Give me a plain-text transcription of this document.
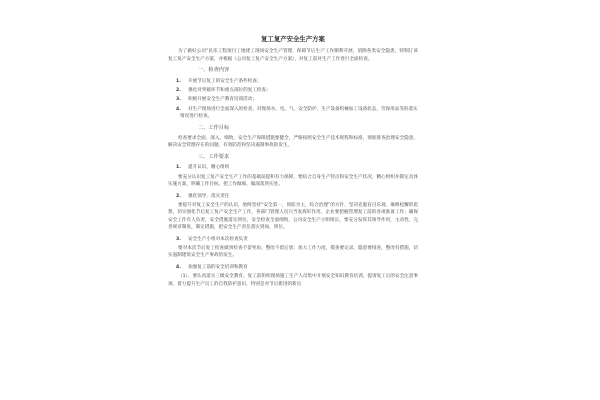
复工复产安全生产方案
为了做好公司“民乐工程项目工地建工现场安全生产管理，保障节后生产工作顺利开展，消除各类安全隐患，特制订该复工复产安全生产方案，并根据《公司复工复产安全生产方案》，对复工前对生产工作进行全面检查。
一、检查内容
1. 开展节后复工的安全生产条件检查；
2. 强化对突破环节和重点部位的复工检查；
3. 积极开展安全生产教育培训活动；
4. 对生产现场进行全面深入的检查，对现场水、电、气、安全防护、生产设备机械加工设备状态，劳保用品等的落实情况进行检查。
二、工作目标
检查要求全面、深入、细致，安全生产保障措施要健全，严格按照安全生产技术规程和标准，彻底排查治理安全隐患，解决安全管理存在的问题，有效防范和坚决遏制事故的发生。
三、工作要求
1. 提升认识，精心组织
要充分认识复工复产安全生产工作的基础前提和有力保障，要结合自身生产特点和安全生产状况，精心组织并制定具体实施方案，明确工作目标，把工作做细、做深落到实处。
2. 强化领导，落实责任
要提升对复工安全生产的认识，始终坚持“安全第一，预防为主，综合治理”的方针，坚决克服盲目乐观、麻痹松懈的思想，切实强化节后复工复产安全生产工作，各部门管理人员只当发挥好作用，企业要把握管理复工前的各项准备工作；确保安全工作有人负责，安全措施落实到位，安全检查全面细致，公司安全生产小组组长，要充分发挥其领导作用，主动性，完善规章制度、制定措施，把安全生产责任落实到岗，到位。
3. 安全生产小组对本次检查负责
要对本次节后复工检查做到检查不留死角、整改不留后患；加大工作力度，摸查要记录，隐患要排查，整改有措施，切实遏制建筑安全生产事故的发生。
4. 加强复工前的安全培训和教育
（1）、要认真落实三级安全教育，复工前组织现场施工生产人员集中开展安全知识教育培训，提请复工后的安全注意事项，着力提升生产员工的自我防护意识，特别是对节后新进的新员
